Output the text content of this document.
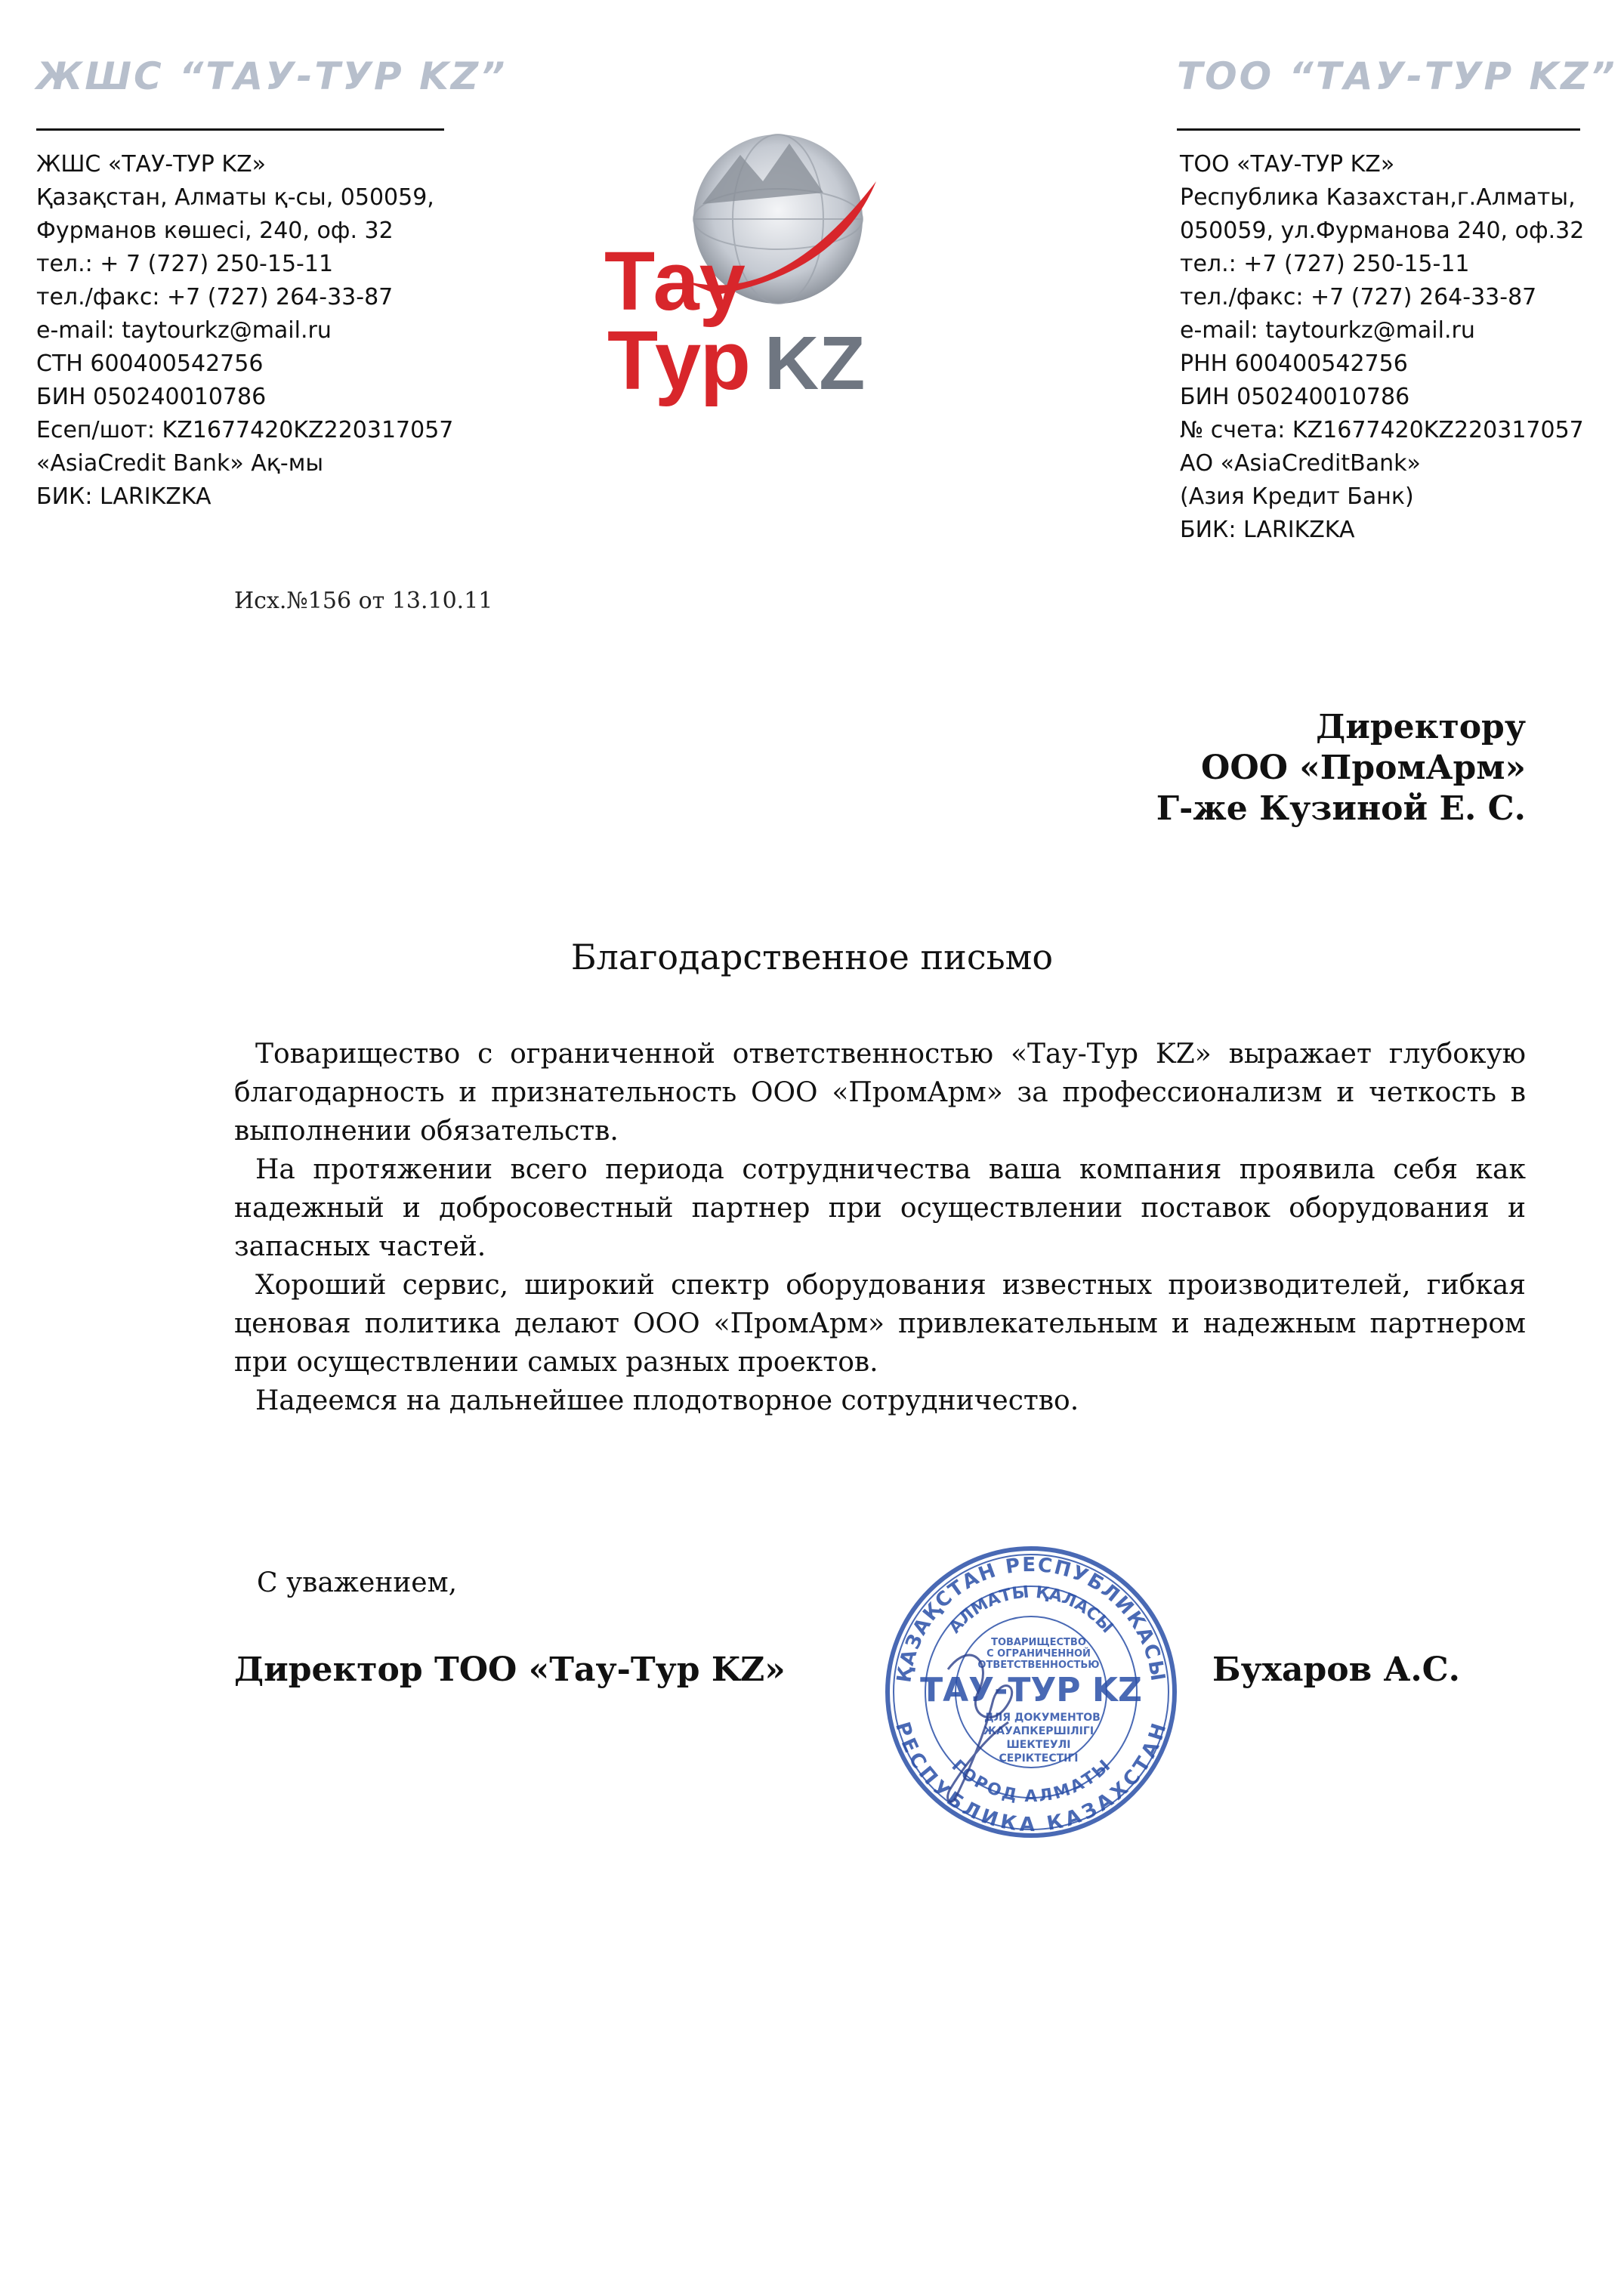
ЖШС “ТАУ-ТУР KZ”	ТОО “ТАУ-ТУР KZ”
ЖШС «ТАУ-ТУР KZ»
Қазақстан, Алматы қ-сы, 050059,
Фурманов көшесі, 240, оф. 32
тел.: + 7 (727) 250-15-11
тел./факс: +7 (727) 264-33-87
e-mail: taytourkz@mail.ru
СТН 600400542756
БИН 050240010786
Есеп/шот: KZ1677420KZ220317057
«AsiaCredit Bank» Ақ-мы
БИК: LARIKZKA
ТОО «ТАУ-ТУР KZ»
Республика Казахстан,г.Алматы,
050059, ул.Фурманова 240, оф.32
тел.: +7 (727) 250-15-11
тел./факс: +7 (727) 264-33-87
e-mail: taytourkz@mail.ru
РНН 600400542756
БИН 050240010786
№ счета: KZ1677420KZ220317057
АО «AsiaCreditBank»
(Азия Кредит Банк)
БИК: LARIKZKA
Тау
Тур KZ
Исх.№156 от 13.10.11
Директору
ООО «ПромАрм»
Г-же Кузиной Е. С.
Благодарственное письмо

Товарищество с ограниченной ответственностью «Тау-Тур KZ» выражает глубокую благодарность и признательность ООО «ПромАрм» за профессионализм и четкость в выполнении обязательств.

На протяжении всего периода сотрудничества ваша компания проявила себя как надежный и добросовестный партнер при осуществлении поставок оборудования и запасных частей.

Хороший сервис, широкий спектр оборудования известных производителей, гибкая ценовая политика делают ООО «ПромАрм» привлекательным и надежным партнером при осуществлении самых разных проектов.

Надеемся на дальнейшее плодотворное сотрудничество.

С уважением,
Директор ТОО «Тау-Тур KZ»	Бухаров А.С.
ҚАЗАҚСТАН РЕСПУБЛИКАСЫ
РЕСПУБЛИКА КАЗАХСТАН
АЛМАТЫ ҚАЛАСЫ
ГОРОД АЛМАТЫ
ТОВАРИЩЕСТВО
С ОГРАНИЧЕННОЙ
ОТВЕТСТВЕННОСТЬЮ
ТАУ-ТУР KZ
ДЛЯ ДОКУМЕНТОВ
ЖАУАПКЕРШІЛІГІ
ШЕКТЕУЛІ
СЕРІКТЕСТІГІ
